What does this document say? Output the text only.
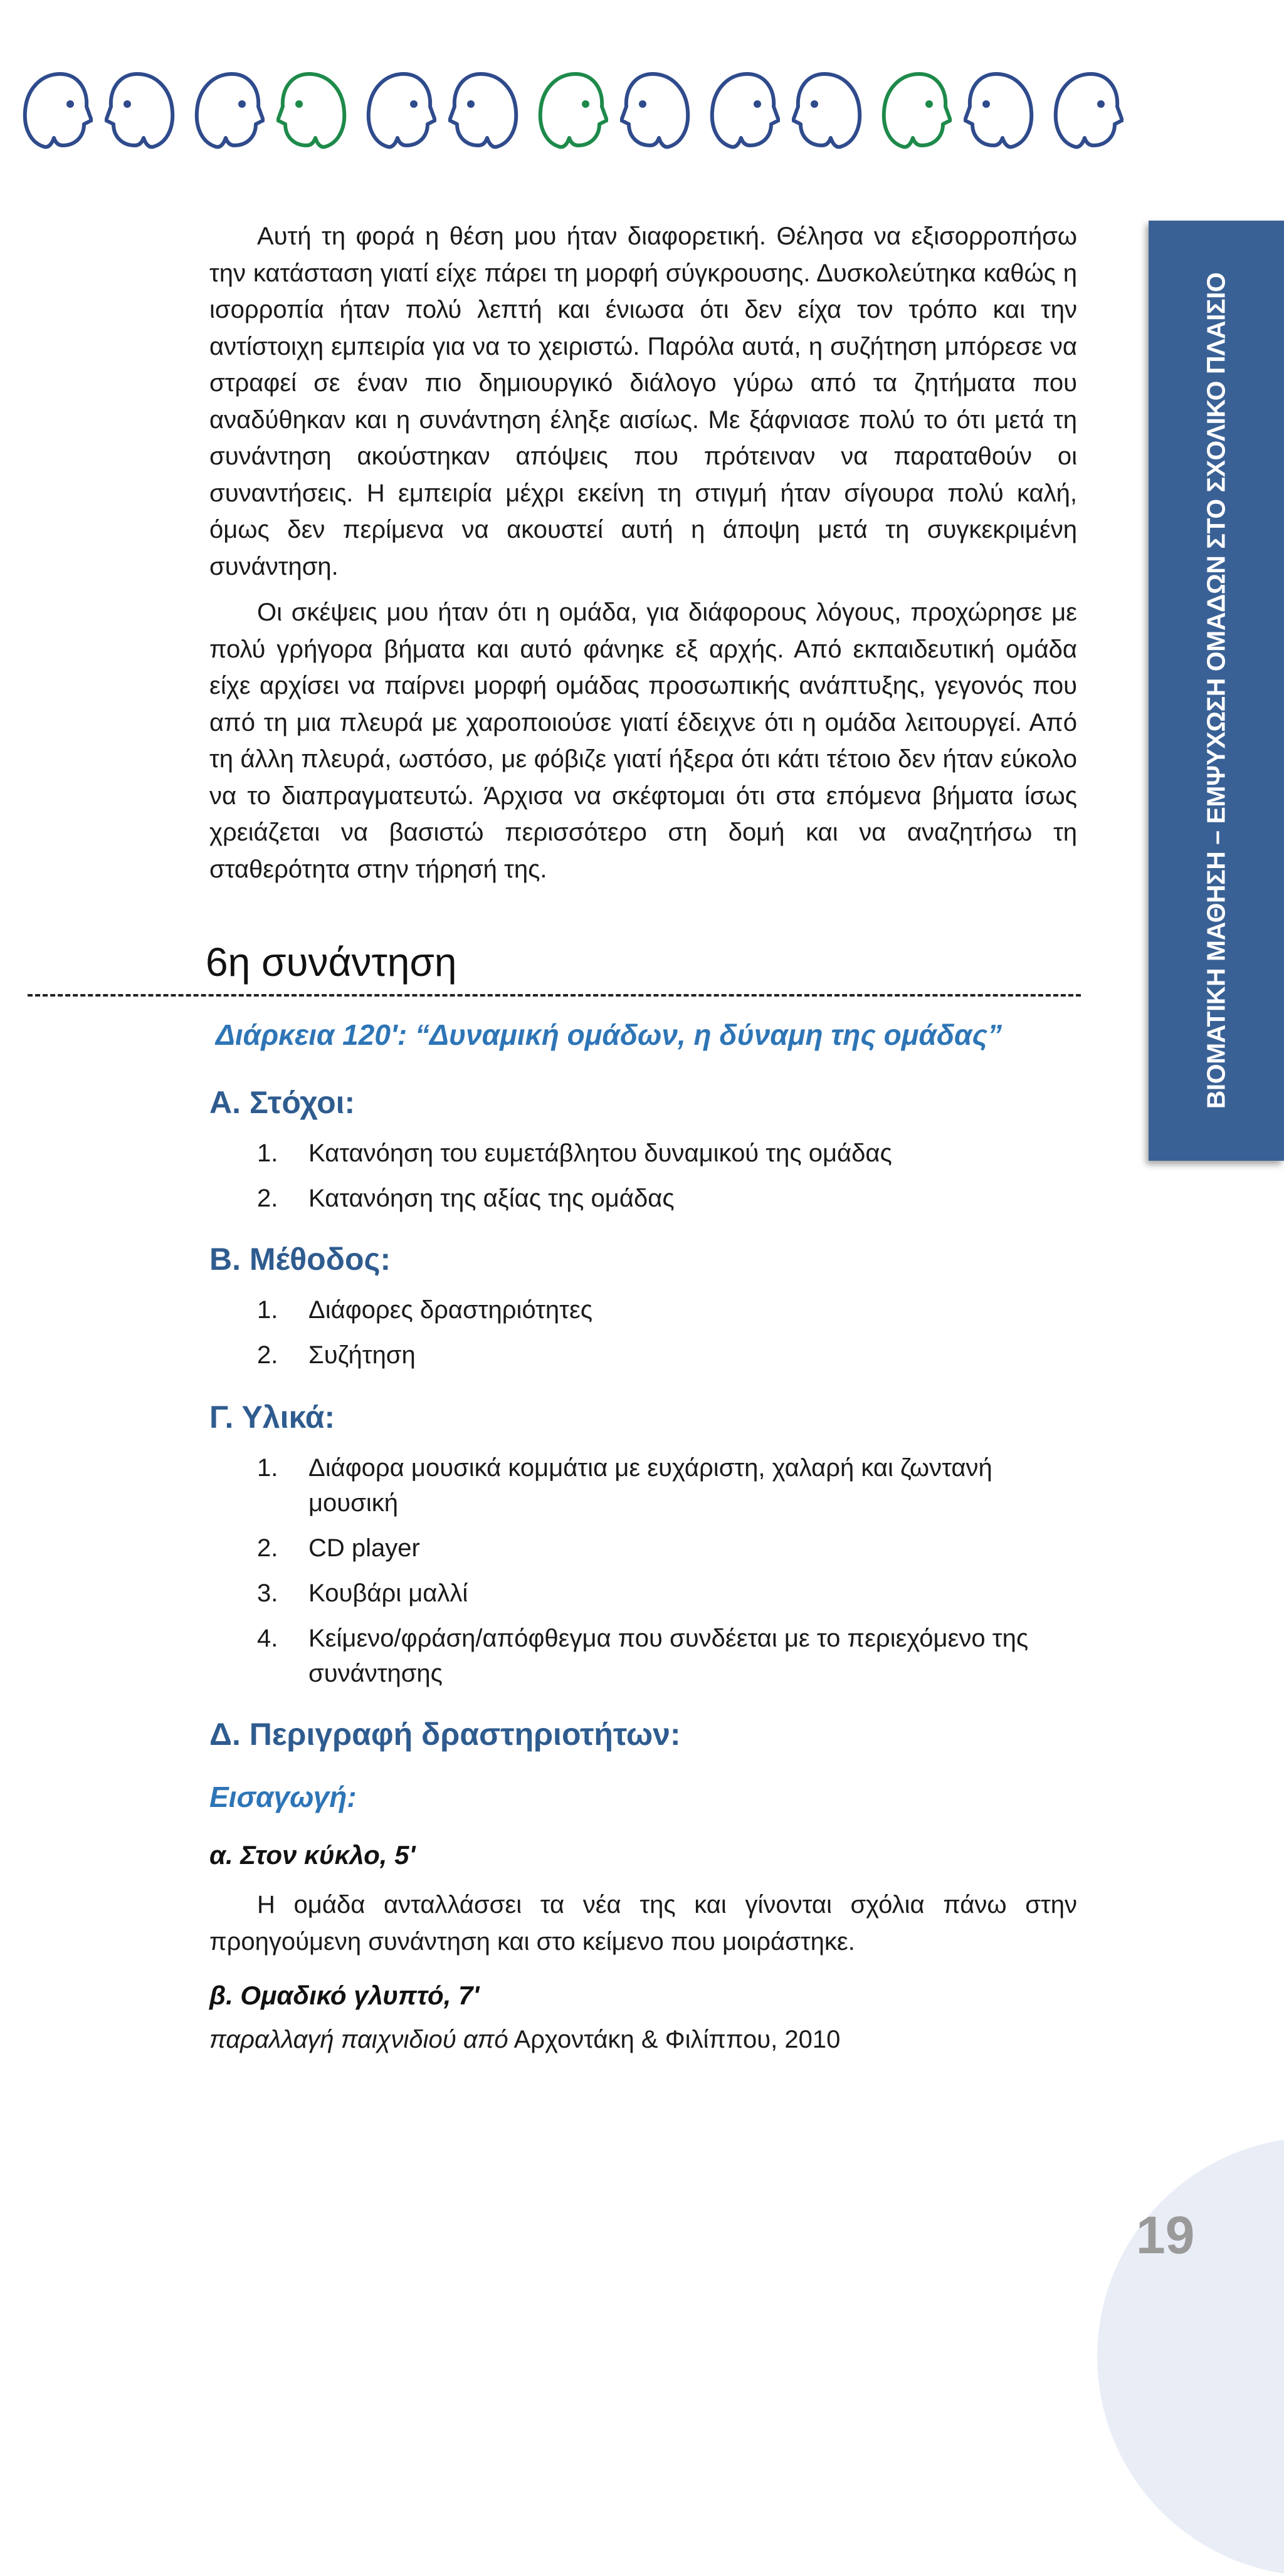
Αυτή τη φορά η θέση μου ήταν διαφορετική. Θέλησα να εξισορροπήσω την κατάσταση γιατί είχε πάρει τη μορφή σύγκρουσης. Δυσκολεύτηκα καθώς η ισορροπία ήταν πολύ λεπτή και ένιωσα ότι δεν είχα τον τρόπο και την αντίστοιχη εμπειρία για να το χειριστώ. Παρόλα αυτά, η συζήτηση μπόρεσε να στραφεί σε έναν πιο δημιουργικό διάλογο γύρω από τα ζητήματα που αναδύθηκαν και η συνάντηση έληξε αισίως. Με ξάφνιασε πολύ το ότι μετά τη συνάντηση ακούστηκαν απόψεις που πρότειναν να παραταθούν οι συναντήσεις. Η εμπειρία μέχρι εκείνη τη στιγμή ήταν σίγουρα πολύ καλή, όμως δεν περίμενα να ακουστεί αυτή η άποψη μετά τη συγκεκριμένη συνάντηση.

Οι σκέψεις μου ήταν ότι η ομάδα, για διάφορους λόγους, προχώρησε με πολύ γρήγορα βήματα και αυτό φάνηκε εξ αρχής. Από εκπαιδευτική ομάδα είχε αρχίσει να παίρνει μορφή ομάδας προσωπικής ανάπτυξης, γεγονός που από τη μια πλευρά με χαροποιούσε γιατί έδειχνε ότι η ομάδα λειτουργεί. Από τη άλλη πλευρά, ωστόσο, με φόβιζε γιατί ήξερα ότι κάτι τέτοιο δεν ήταν εύκολο να το διαπραγματευτώ. Άρχισα να σκέφτομαι ότι στα επόμενα βήματα ίσως χρειάζεται να βασιστώ περισσότερο στη δομή και να αναζητήσω τη σταθερότητα στην τήρησή της.

6η συνάντηση

Διάρκεια 120': “Δυναμική ομάδων, η δύναμη της ομάδας”

Α. Στόχοι:
1. Κατανόηση του ευμετάβλητου δυναμικού της ομάδας
2. Κατανόηση της αξίας της ομάδας
Β. Μέθοδος:
1. Διάφορες δραστηριότητες
2. Συζήτηση
Γ. Υλικά:
1. Διάφορα μουσικά κομμάτια με ευχάριστη, χαλαρή και ζωντανή μουσική
2. CD player
3. Κουβάρι μαλλί
4. Κείμενο/φράση/απόφθεγμα που συνδέεται με το περιεχόμενο της συνάντησης
Δ. Περιγραφή δραστηριοτήτων:

Εισαγωγή:

α. Στον κύκλο, 5'

Η ομάδα ανταλλάσσει τα νέα της και γίνονται σχόλια πάνω στην προηγούμενη συνάντηση και στο κείμενο που μοιράστηκε.

β. Ομαδικό γλυπτό, 7'

παραλλαγή παιχνιδιού από Αρχοντάκη & Φιλίππου, 2010

ΒΙΟΜΑΤΙΚΗ ΜΑΘΗΣΗ – ΕΜΨΥΧΩΣΗ ΟΜΑΔΩΝ ΣΤΟ ΣΧΟΛΙΚΟ ΠΛΑΙΣΙΟ
19
